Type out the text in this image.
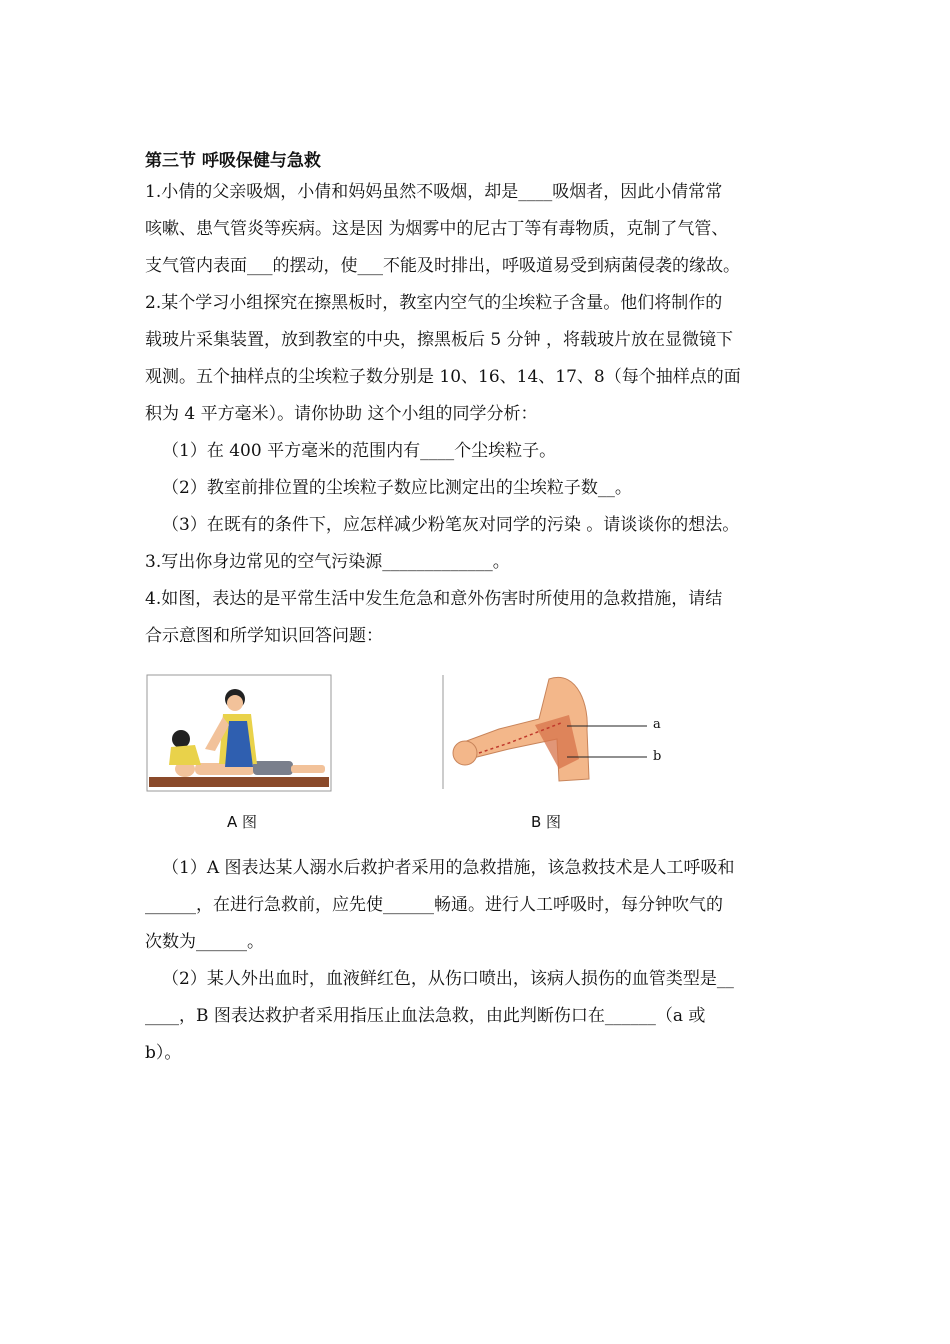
第三节 呼吸保健与急救

1.小倩的父亲吸烟，小倩和妈妈虽然不吸烟，却是____吸烟者，因此小倩常常

咳嗽、患气管炎等疾病。这是因 为烟雾中的尼古丁等有毒物质，克制了气管、

支气管内表面___的摆动，使___不能及时排出，呼吸道易受到病菌侵袭的缘故。

2.某个学习小组探究在擦黑板时，教室内空气的尘埃粒子含量。他们将制作的

载玻片采集装置，放到教室的中央，擦黑板后 5 分钟 ，将载玻片放在显微镜下

观测。五个抽样点的尘埃粒子数分别是 10、16、14、17、8（每个抽样点的面

积为 4 平方毫米）。请你协助 这个小组的同学分析：

（1）在 400 平方毫米的范围内有____个尘埃粒子。

（2）教室前排位置的尘埃粒子数应比测定出的尘埃粒子数__。

（3）在既有的条件下，应怎样减少粉笔灰对同学的污染 。请谈谈你的想法。

3.写出你身边常见的空气污染源_____________。

4.如图，表达的是平常生活中发生危急和意外伤害时所使用的急救措施，请结

合示意图和所学知识回答问题：

A 图
a
b
B 图

（1）A 图表达某人溺水后救护者采用的急救措施，该急救技术是人工呼吸和

______，在进行急救前，应先使______畅通。进行人工呼吸时，每分钟吹气的

次数为______。

（2）某人外出血时，血液鲜红色，从伤口喷出，该病人损伤的血管类型是__

____，B 图表达救护者采用指压止血法急救，由此判断伤口在______（a 或

b）。
